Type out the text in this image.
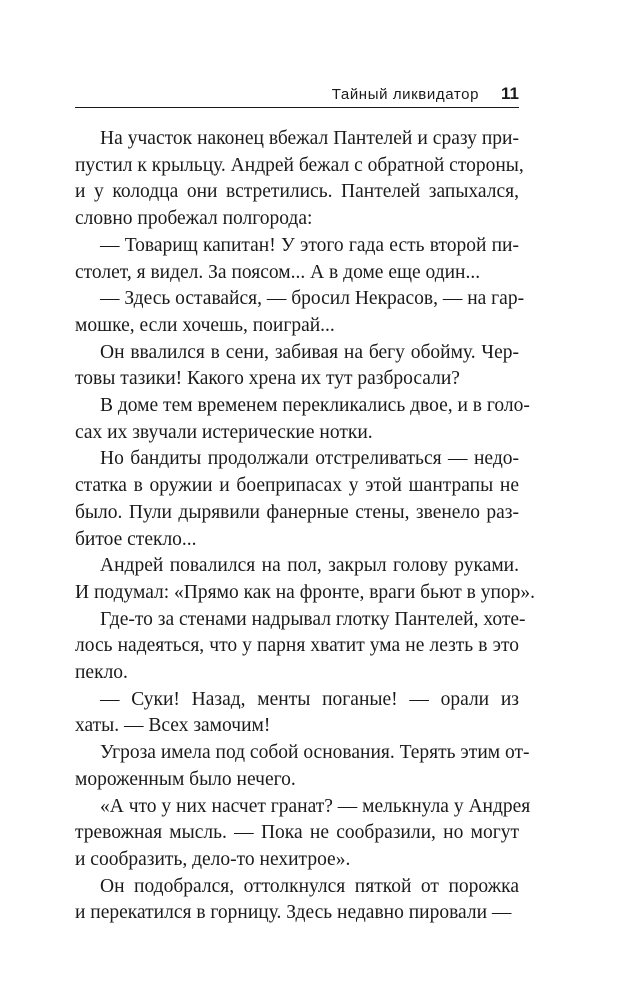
Тайный ликвидатор 11
На участок наконец вбежал Пантелей и сразу при-
пустил к крыльцу. Андрей бежал с обратной стороны,
и у колодца они встретились. Пантелей запыхался,
словно пробежал полгорода:
— Товарищ капитан! У этого гада есть второй пи-
столет, я видел. За поясом... А в доме еще один...
— Здесь оставайся, — бросил Некрасов, — на гар-
мошке, если хочешь, поиграй...
Он ввалился в сени, забивая на бегу обойму. Чер-
товы тазики! Какого хрена их тут разбросали?
В доме тем временем перекликались двое, и в голо-
сах их звучали истерические нотки.
Но бандиты продолжали отстреливаться — недо-
статка в оружии и боеприпасах у этой шантрапы не
было. Пули дырявили фанерные стены, звенело раз-
битое стекло...
Андрей повалился на пол, закрыл голову руками.
И подумал: «Прямо как на фронте, враги бьют в упор».
Где-то за стенами надрывал глотку Пантелей, хоте-
лось надеяться, что у парня хватит ума не лезть в это
пекло.
— Суки! Назад, менты поганые! — орали из
хаты. — Всех замочим!
Угроза имела под собой основания. Терять этим от-
мороженным было нечего.
«А что у них насчет гранат? — мелькнула у Андрея
тревожная мысль. — Пока не сообразили, но могут
и сообразить, дело-то нехитрое».
Он подобрался, оттолкнулся пяткой от порожка
и перекатился в горницу. Здесь недавно пировали —
